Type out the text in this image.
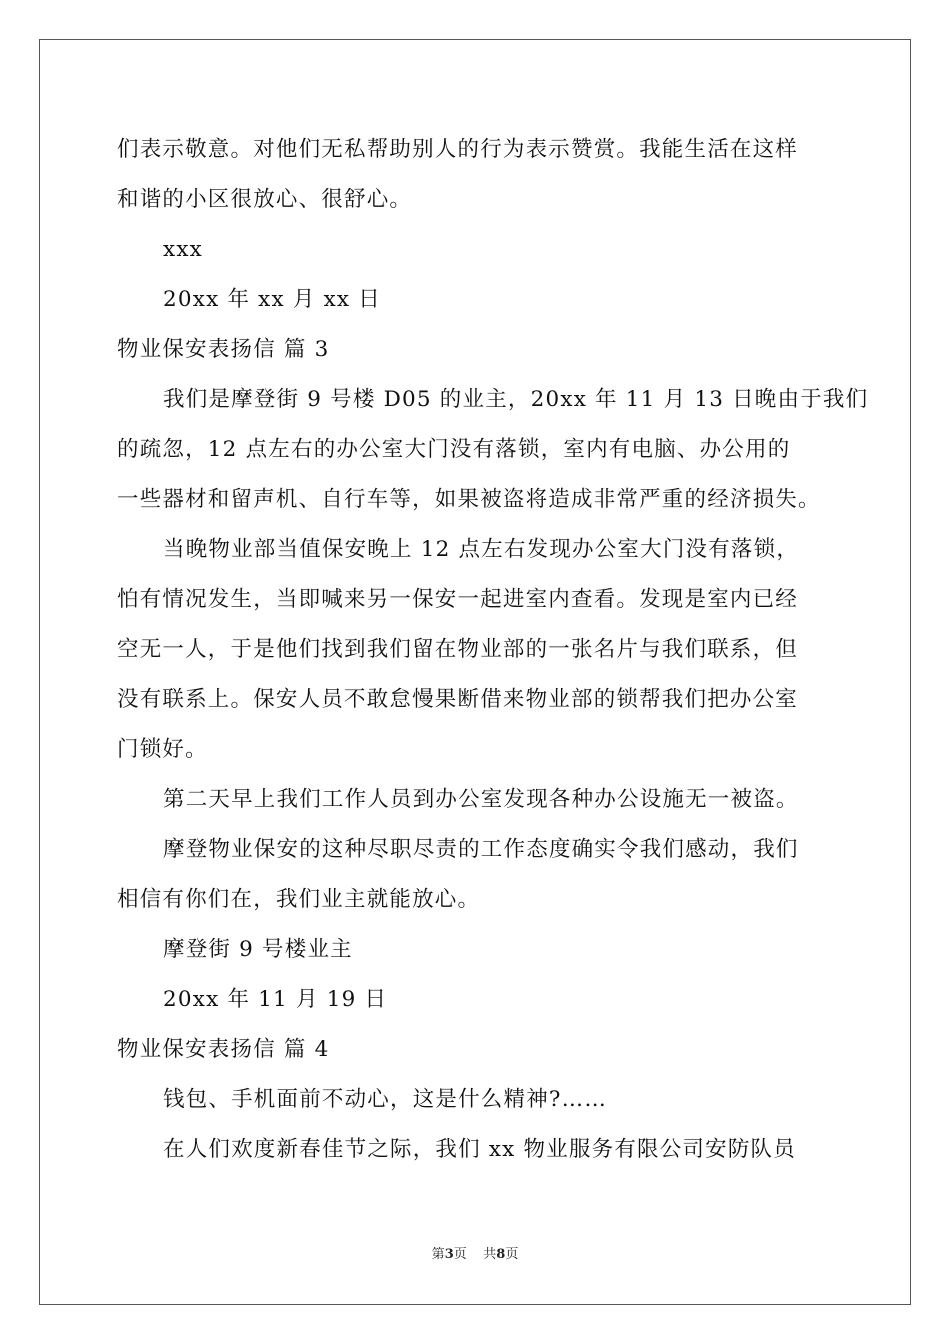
们表示敬意。对他们无私帮助别人的行为表示赞赏。我能生活在这样
和谐的小区很放心、很舒心。
xxx
20xx 年 xx 月 xx 日
物业保安表扬信 篇 3
我们是摩登街 9 号楼 D05 的业主，20xx 年 11 月 13 日晚由于我们
的疏忽，12 点左右的办公室大门没有落锁，室内有电脑、办公用的
一些器材和留声机、自行车等，如果被盗将造成非常严重的经济损失。
当晚物业部当值保安晚上 12 点左右发现办公室大门没有落锁，
怕有情况发生，当即喊来另一保安一起进室内查看。发现是室内已经
空无一人，于是他们找到我们留在物业部的一张名片与我们联系，但
没有联系上。保安人员不敢怠慢果断借来物业部的锁帮我们把办公室
门锁好。
第二天早上我们工作人员到办公室发现各种办公设施无一被盗。
摩登物业保安的这种尽职尽责的工作态度确实令我们感动，我们
相信有你们在，我们业主就能放心。
摩登街 9 号楼业主
20xx 年 11 月 19 日
物业保安表扬信 篇 4
钱包、手机面前不动心，这是什么精神?……
在人们欢度新春佳节之际，我们 xx 物业服务有限公司安防队员
第3页    共8页
